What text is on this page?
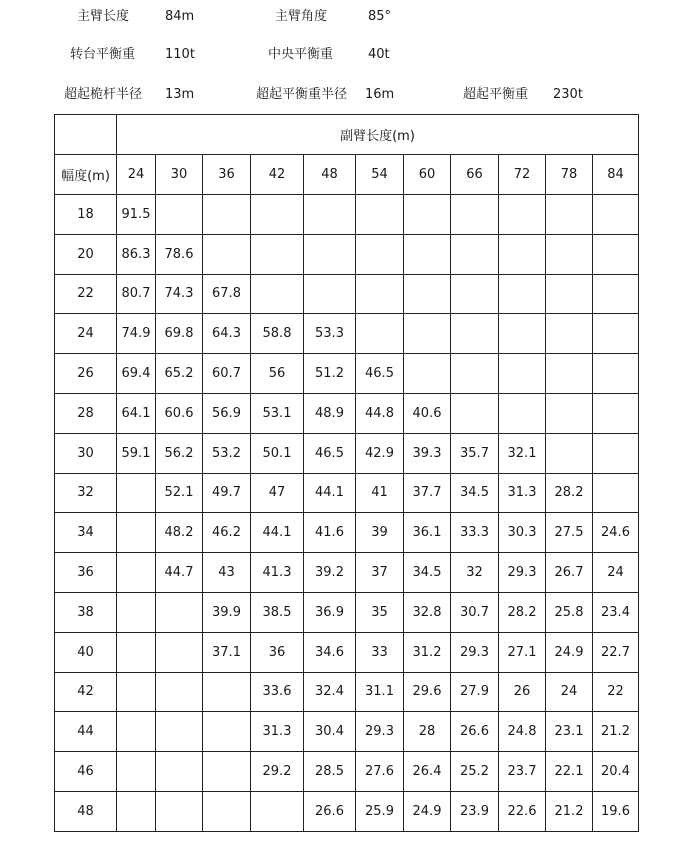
主臂长度	84m	主臂角度	85°
转台平衡重 110t	中央平衡重	40t
超起桅杆半径 13m	超起平衡重半径 16m	超起平衡重 230t
	副臂长度(m)										
幅度(m)	24	30	36	42	48	54	60	66	72	78	84
18	91.5										
20	86.3	78.6									
22	80.7	74.3	67.8								
24	74.9	69.8	64.3	58.8	53.3						
26	69.4	65.2	60.7	56	51.2	46.5					
28	64.1	60.6	56.9	53.1	48.9	44.8	40.6				
30	59.1	56.2	53.2	50.1	46.5	42.9	39.3	35.7	32.1		
32		52.1	49.7	47	44.1	41	37.7	34.5	31.3	28.2	
34		48.2	46.2	44.1	41.6	39	36.1	33.3	30.3	27.5	24.6
36		44.7	43	41.3	39.2	37	34.5	32	29.3	26.7	24
38			39.9	38.5	36.9	35	32.8	30.7	28.2	25.8	23.4
40			37.1	36	34.6	33	31.2	29.3	27.1	24.9	22.7
42				33.6	32.4	31.1	29.6	27.9	26	24	22
44				31.3	30.4	29.3	28	26.6	24.8	23.1	21.2
46				29.2	28.5	27.6	26.4	25.2	23.7	22.1	20.4
48					26.6	25.9	24.9	23.9	22.6	21.2	19.6
